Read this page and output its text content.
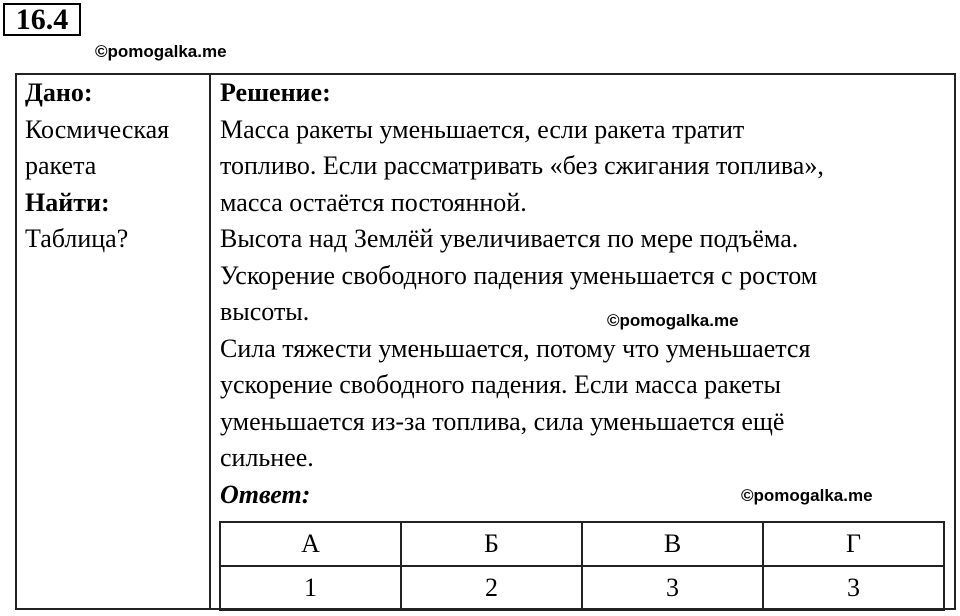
16.4
©pomogalka.me
Дано:
Космическая
ракета
Найти:
Таблица?
Решение:
Масса ракеты уменьшается, если ракета тратит
топливо. Если рассматривать «без сжигания топлива»,
масса остаётся постоянной.
Высота над Землёй увеличивается по мере подъёма.
Ускорение свободного падения уменьшается с ростом
высоты.
Сила тяжести уменьшается, потому что уменьшается
ускорение свободного падения. Если масса ракеты
уменьшается из-за топлива, сила уменьшается ещё
сильнее.
Ответ:
А	Б	В	Г
1	2	3	3
©pomogalka.me
©pomogalka.me
